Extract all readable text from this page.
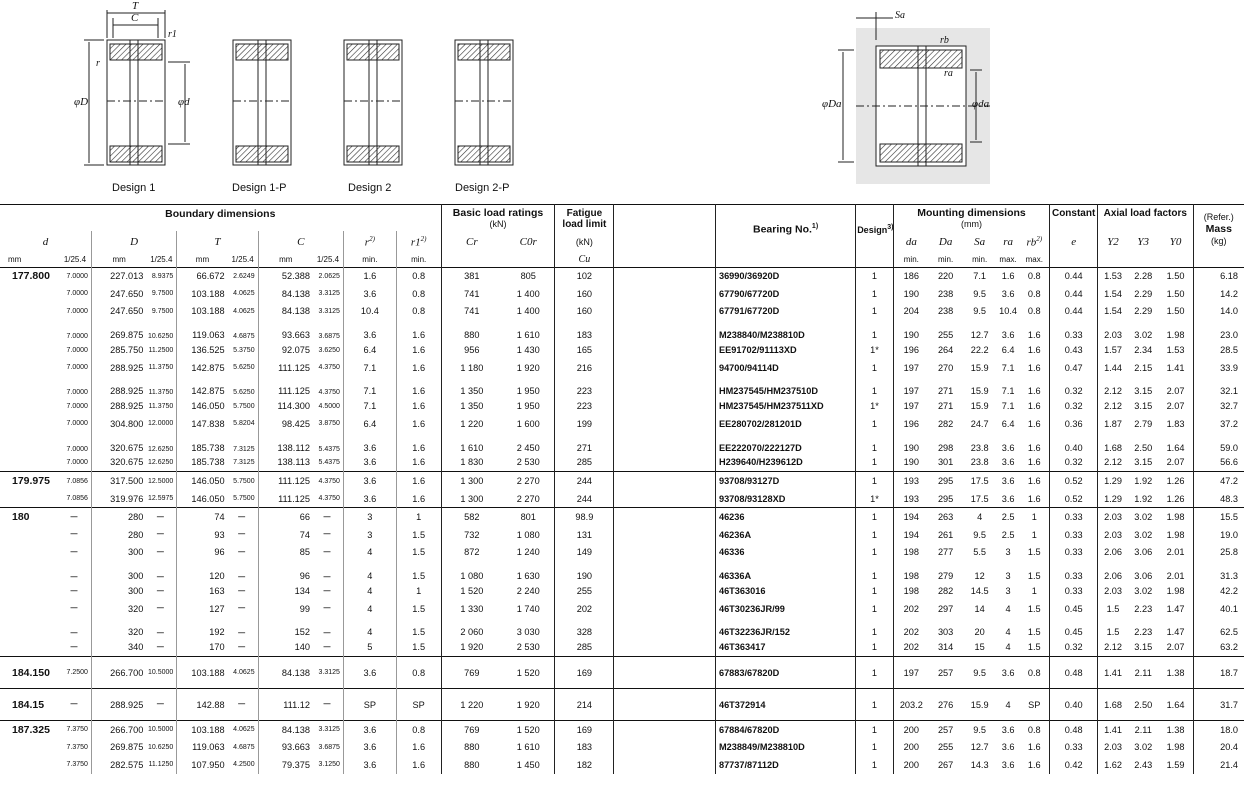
T
C
r1
r
φD	φd
Sa
rb
ra
φDa	φda
Design 1	Design 1-P	Design 2	Design 2-P
Boundary dimensions										Basic load ratings
(kN)		Fatigue load limit		Bearing No.$^{1)}$	Design$^{3)}$	Mounting dimensions
(mm)					Constant	Axial load factors			(Refer.)
Mass
(kg)
d		D		T		C		$r^{2)}$	r1$^{2)}$	Cr	C0r	(kN)				da	Da	Sa	ra	$rb^{2)}$	e	Y2	Y3	Y0	
mm	1/25.4	mm	1/25.4	mm	1/25.4	mm	1/25.4	min.	min.			Cu				min.	min.	min.	max.	max.					
177.800	7.0000	227.013	8.9375	66.672	2.6249	52.388	2.0625	1.6	0.8	381	805	102		36990/36920D	1	186	220	7.1	1.6	0.8	0.44	1.53	2.28	1.50	6.18
	7.0000	247.650	9.7500	103.188	4.0625	84.138	3.3125	3.6	0.8	741	1 400	160		67790/67720D	1	190	238	9.5	3.6	0.8	0.44	1.54	2.29	1.50	14.2
	7.0000	247.650	9.7500	103.188	4.0625	84.138	3.3125	10.4	0.8	741	1 400	160		67791/67720D	1	204	238	9.5	10.4	0.8	0.44	1.54	2.29	1.50	14.0
	7.0000	269.875	10.6250	119.063	4.6875	93.663	3.6875	3.6	1.6	880	1 610	183		M238840/M238810D	1	190	255	12.7	3.6	1.6	0.33	2.03	3.02	1.98	23.0
	7.0000	285.750	11.2500	136.525	5.3750	92.075	3.6250	6.4	1.6	956	1 430	165		EE91702/91113XD	1*	196	264	22.2	6.4	1.6	0.43	1.57	2.34	1.53	28.5
	7.0000	288.925	11.3750	142.875	5.6250	111.125	4.3750	7.1	1.6	1 180	1 920	216		94700/94114D	1	197	270	15.9	7.1	1.6	0.47	1.44	2.15	1.41	33.9
	7.0000	288.925	11.3750	142.875	5.6250	111.125	4.3750	7.1	1.6	1 350	1 950	223		HM237545/HM237510D	1	197	271	15.9	7.1	1.6	0.32	2.12	3.15	2.07	32.1
	7.0000	288.925	11.3750	146.050	5.7500	114.300	4.5000	7.1	1.6	1 350	1 950	223		HM237545/HM237511XD	1*	197	271	15.9	7.1	1.6	0.32	2.12	3.15	2.07	32.7
	7.0000	304.800	12.0000	147.838	5.8204	98.425	3.8750	6.4	1.6	1 220	1 600	199		EE280702/281201D	1	196	282	24.7	6.4	1.6	0.36	1.87	2.79	1.83	37.2
	7.0000	320.675	12.6250	185.738	7.3125	138.112	5.4375	3.6	1.6	1 610	2 450	271		EE222070/222127D	1	190	298	23.8	3.6	1.6	0.40	1.68	2.50	1.64	59.0
	7.0000	320.675	12.6250	185.738	7.3125	138.113	5.4375	3.6	1.6	1 830	2 530	285		H239640/H239612D	1	190	301	23.8	3.6	1.6	0.32	2.12	3.15	2.07	56.6
179.975	7.0856	317.500	12.5000	146.050	5.7500	111.125	4.3750	3.6	1.6	1 300	2 270	244		93708/93127D	1	193	295	17.5	3.6	1.6	0.52	1.29	1.92	1.26	47.2
	7.0856	319.976	12.5975	146.050	5.7500	111.125	4.3750	3.6	1.6	1 300	2 270	244		93708/93128XD	1*	193	295	17.5	3.6	1.6	0.52	1.29	1.92	1.26	48.3
180	—	280	—	74	—	66	—	3	1	582	801	98.9		46236	1	194	263	4	2.5	1	0.33	2.03	3.02	1.98	15.5
	—	280	—	93	—	74	—	3	1.5	732	1 080	131		46236A	1	194	261	9.5	2.5	1	0.33	2.03	3.02	1.98	19.0
	—	300	—	96	—	85	—	4	1.5	872	1 240	149		46336	1	198	277	5.5	3	1.5	0.33	2.06	3.06	2.01	25.8
	—	300	—	120	—	96	—	4	1.5	1 080	1 630	190		46336A	1	198	279	12	3	1.5	0.33	2.06	3.06	2.01	31.3
	—	300	—	163	—	134	—	4	1	1 520	2 240	255		46T363016	1	198	282	14.5	3	1	0.33	2.03	3.02	1.98	42.2
	—	320	—	127	—	99	—	4	1.5	1 330	1 740	202		46T30236JR/99	1	202	297	14	4	1.5	0.45	1.5	2.23	1.47	40.1
	—	320	—	192	—	152	—	4	1.5	2 060	3 030	328		46T32236JR/152	1	202	303	20	4	1.5	0.45	1.5	2.23	1.47	62.5
	—	340	—	170	—	140	—	5	1.5	1 920	2 530	285		46T363417	1	202	314	15	4	1.5	0.32	2.12	3.15	2.07	63.2
184.150	7.2500	266.700	10.5000	103.188	4.0625	84.138	3.3125	3.6	0.8	769	1 520	169		67883/67820D	1	197	257	9.5	3.6	0.8	0.48	1.41	2.11	1.38	18.7
184.15	—	288.925	—	142.88	—	111.12	—	SP	SP	1 220	1 920	214		46T372914	1	203.2	276	15.9	4	SP	0.40	1.68	2.50	1.64	31.7
187.325	7.3750	266.700	10.5000	103.188	4.0625	84.138	3.3125	3.6	0.8	769	1 520	169		67884/67820D	1	200	257	9.5	3.6	0.8	0.48	1.41	2.11	1.38	18.0
	7.3750	269.875	10.6250	119.063	4.6875	93.663	3.6875	3.6	1.6	880	1 610	183		M238849/M238810D	1	200	255	12.7	3.6	1.6	0.33	2.03	3.02	1.98	20.4
	7.3750	282.575	11.1250	107.950	4.2500	79.375	3.1250	3.6	1.6	880	1 450	182		87737/87112D	1	200	267	14.3	3.6	1.6	0.42	1.62	2.43	1.59	21.4
